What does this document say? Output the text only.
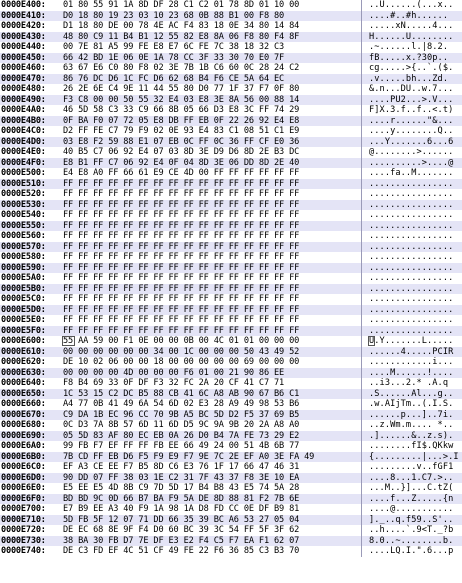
0000E400: 01 80 55 91 1A 8D DF 28 C1 C2 01 78 8D 01 10 00	..U......(...x..
0000E410: D0 18 80 19 23 03 10 23 68 0B 88 B1 00 F8 80	....#..#h......
0000E420: D1 18 80 DE 00 78 4E AC F4 83 18 0E 34 80 14 84	.....xN.....4...
0000E430: 48 80 C9 11 B4 B1 12 55 82 E8 8A 06 F8 80 F4 8F	H......U........
0000E440: 00 7E 81 A5 99 FE E8 E7 6C FE 7C 38 18 32 C3	.~......l.|8.2.
0000E450: 66 42 BD 1E 06 0E 1A 78 CC 3F 33 30 70 E0 7F	fB.....x.?30p..
0000E460: 63 67 E6 C0 80 F8 02 3E 7B 1B C6 60 0C 28 24 C2	cg.....>{..`.($.
0000E470: 86 76 DC D6 1C FC D6 62 68 B4 F6 CE 5A 64 EC	.v.....bh...Zd.
0000E480: 26 2E 6E C4 9E 11 44 55 80 D0 77 1F 37 F7 0F 80	&.n...DU..w.7...
0000E490: F3 C8 00 00 50 55 32 E4 03 E8 3E 8A 56 00 88 14	....PU2...>.V...
0000E4A0: 46 5D 58 C3 33 C9 66 8B 05 66 D3 E8 3C FF 74 29	F]X.3.f..f..<.t)
0000E4B0: 0F BA F0 07 72 05 E8 DB FF EB 0F 22 26 92 E4 E8	....r......"&...
0000E4C0: D2 FF FE C7 79 F9 02 0E 93 E4 83 C1 08 51 C1 E9	....y........Q..
0000E4D0: 03 E8 F2 59 88 E1 07 EB 0C FF 0C 36 FF CF E0 36	...Y.......6...6
0000E4E0: 40 B5 C7 06 92 E4 07 03 8D 3E D9 D6 8D 2E B3 DC	@........>......
0000E4F0: E8 B1 FF C7 06 92 E4 0F 04 8D 3E 06 DD 8D 2E 40	..........>....@
0000E500: E4 E8 A0 FF 66 61 E9 CE 4D 00 FF FF FF FF FF FF	....fa..M.......
0000E510: FF FF FF FF FF FF FF FF FF FF FF FF FF FF FF FF	................
0000E520: FF FF FF FF FF FF FF FF FF FF FF FF FF FF FF FF	................
0000E530: FF FF FF FF FF FF FF FF FF FF FF FF FF FF FF FF	................
0000E540: FF FF FF FF FF FF FF FF FF FF FF FF FF FF FF FF	................
0000E550: FF FF FF FF FF FF FF FF FF FF FF FF FF FF FF FF	................
0000E560: FF FF FF FF FF FF FF FF FF FF FF FF FF FF FF FF	................
0000E570: FF FF FF FF FF FF FF FF FF FF FF FF FF FF FF FF	................
0000E580: FF FF FF FF FF FF FF FF FF FF FF FF FF FF FF FF	................
0000E590: FF FF FF FF FF FF FF FF FF FF FF FF FF FF FF FF	................
0000E5A0: FF FF FF FF FF FF FF FF FF FF FF FF FF FF FF FF	................
0000E5B0: FF FF FF FF FF FF FF FF FF FF FF FF FF FF FF FF	................
0000E5C0: FF FF FF FF FF FF FF FF FF FF FF FF FF FF FF FF	................
0000E5D0: FF FF FF FF FF FF FF FF FF FF FF FF FF FF FF FF	................
0000E5E0: FF FF FF FF FF FF FF FF FF FF FF FF FF FF FF FF	................
0000E5F0: FF FF FF FF FF FF FF FF FF FF FF FF FF FF FF FF	................
0000E600: 55 AA 59 00 F1 0E 00 00 0B 00 4C 01 01 00 00 00	U.Y.......L.....
0000E610: 00 00 00 00 00 00 34 00 1C 00 00 00 50 43 49 52	......4.....PCIR
0000E620: DE 10 02 06 00 00 18 00 00 00 00 00 69 00 00 00	............i...
0000E630: 00 00 00 00 4D 00 00 00 F6 01 00 21 90 86 EE	....M......!....
0000E640: F8 B4 69 33 0F DF F3 32 FC 2A 20 CF 41 C7 71	..i3...2.* .A.q
0000E650: 1C 53 15 C2 DC B5 88 CB 41 6C A8 AB 90 67 B6 C1	.S......Al...g..
0000E660: A4 77 0B 41 49 6A 54 6D 02 E3 28 A9 49 98 53 B6	.w.AIjTm..(.I.S.
0000E670: C9 DA 1B EC 96 CC 70 9B A5 BC 5D D2 F5 37 69 B5	......p...]..7i.
0000E680: 0C D3 7A 8B 57 6D 11 6D D5 9C 9A 9B 20 2A A8 A0	..z.Wm.m.... *..
0000E690: 05 5D 83 AF 80 EC EB 0A 26 D0 B4 7A FE 73 29 E2	.]......&..z.s).
0000E6A0: 99 FB F7 EF FF FF FB EE 66 49 24 00 51 4B 6B 77	........fI$.QKkw
0000E6B0: 7B CD FF EB D6 F5 F9 E9 F7 9E 7C 2E EF A0 3E FA 49	{.........|...>.I
0000E6C0: EF A3 CE EE F7 B5 8D C6 E3 76 1F 17 66 47 46 31	.........v..fGF1
0000E6D0: 90 DD 07 FF 38 03 1E C2 31 7F 43 37 F8 3E 10 EA	....8...1.C7.>..
0000E6E0: E5 EE E5 4D 8B C9 7D 5D 17 B4 B8 43 E5 74 5A 28	...M..}]...C.tZ(
0000E6F0: BD BD 9C 0D 66 B7 BA F9 5A DE 8D 88 81 F2 7B 6E	....f...Z.....{n
0000E700: E7 B9 EE A3 40 F9 1A 98 1A D8 FD CC 0E DF B9 81	....@...........
0000E710: 5D FB 5F 12 07 71 DD 66 35 39 BC A6 53 27 05 04	]._..q.f59..S'..
0000E720: DE EC 68 8E 9F F4 D0 60 BC 39 3C 54 FF 5F 3F 62	..h....`.9<T._?b
0000E730: 38 BA 30 FB D7 7E DF E3 E2 F4 C5 F7 EA F1 62 07	8.0..~........b.
0000E740: DE C3 FD EF 4C 51 CF 49 FE 22 F6 36 85 C3 B3 70	....LQ.I.".6...p
